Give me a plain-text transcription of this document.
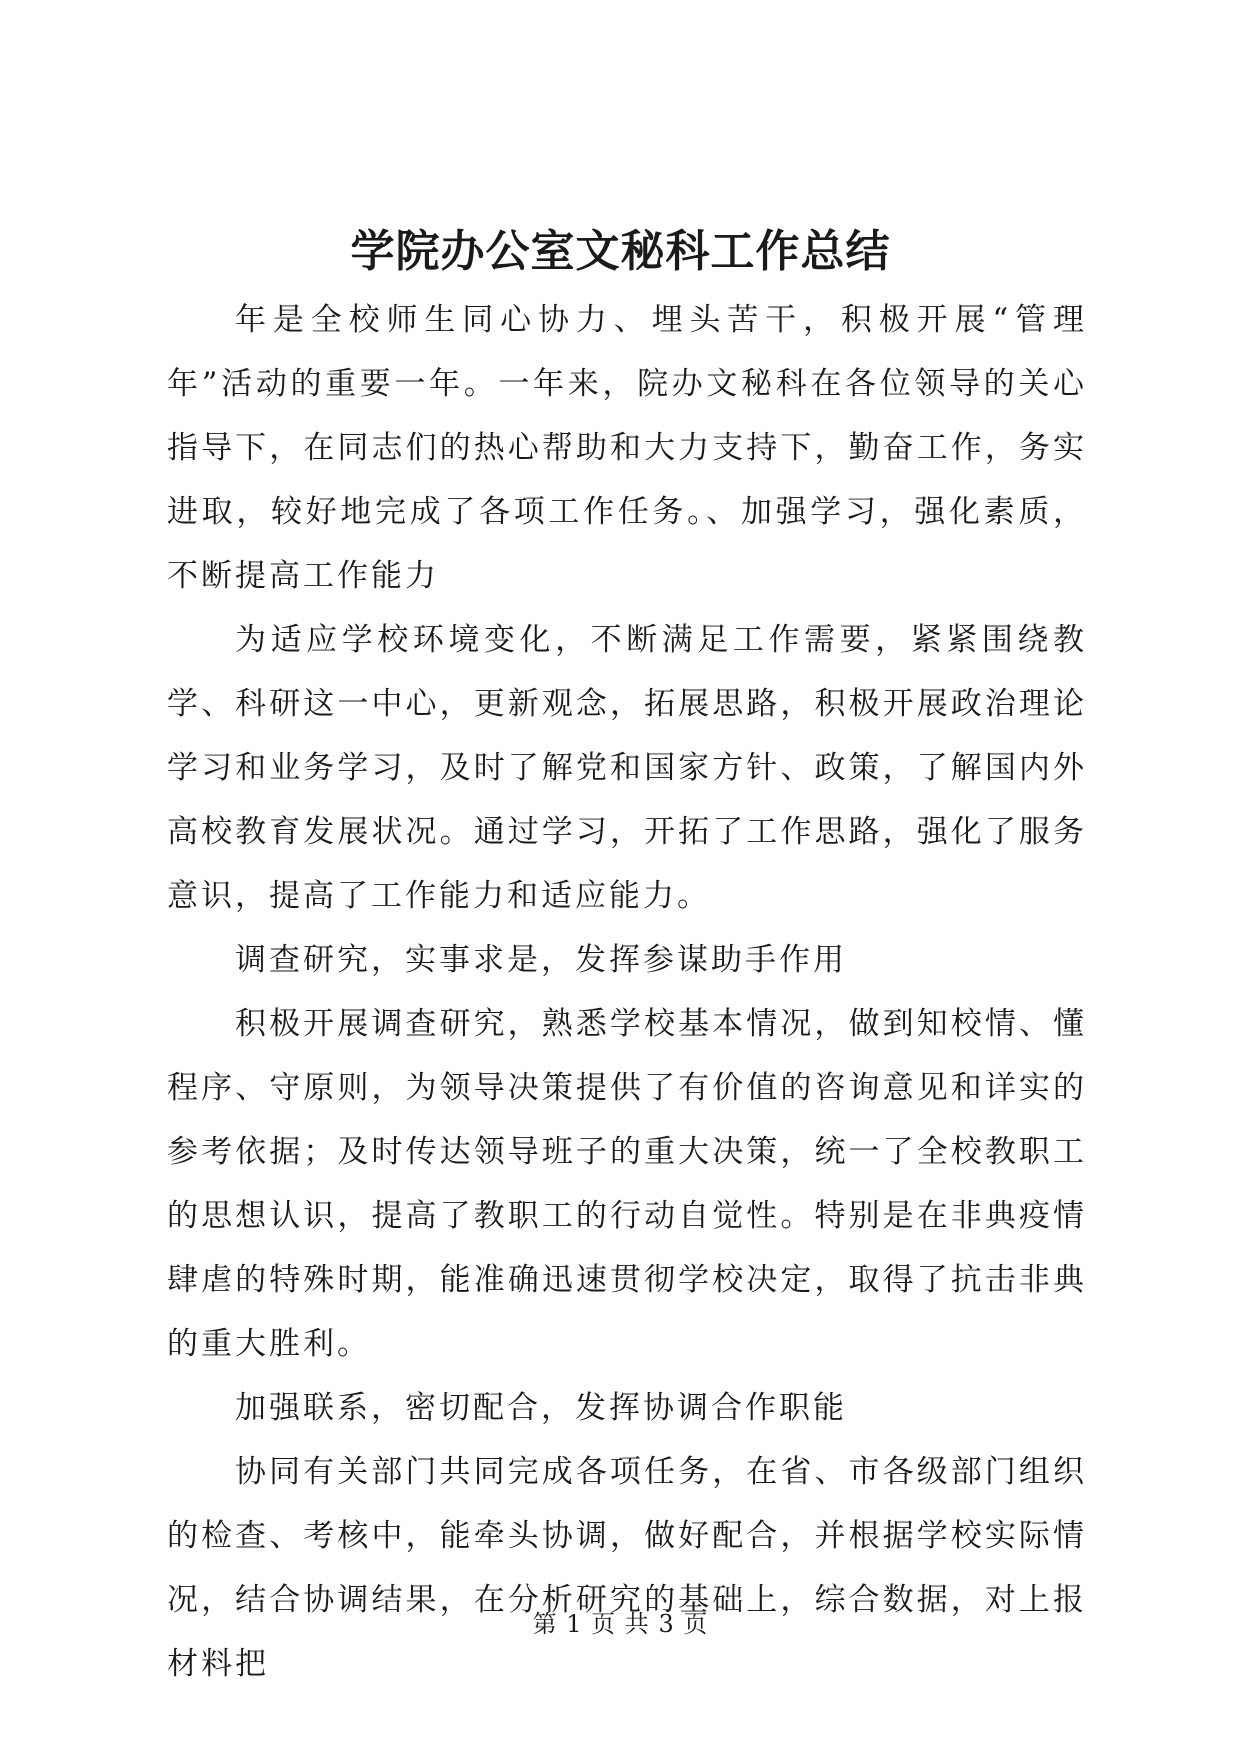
学院办公室文秘科工作总结

年是全校师生同心协力、埋头苦干，积极开展“管理年”活动的重要一年。一年来，院办文秘科在各位领导的关心指导下，在同志们的热心帮助和大力支持下，勤奋工作，务实进取，较好地完成了各项工作任务。、加强学习，强化素质，不断提高工作能力

为适应学校环境变化，不断满足工作需要，紧紧围绕教学、科研这一中心，更新观念，拓展思路，积极开展政治理论学习和业务学习，及时了解党和国家方针、政策，了解国内外高校教育发展状况。通过学习，开拓了工作思路，强化了服务意识，提高了工作能力和适应能力。

调查研究，实事求是，发挥参谋助手作用

积极开展调查研究，熟悉学校基本情况，做到知校情、懂程序、守原则，为领导决策提供了有价值的咨询意见和详实的参考依据；及时传达领导班子的重大决策，统一了全校教职工的思想认识，提高了教职工的行动自觉性。特别是在非典疫情肆虐的特殊时期，能准确迅速贯彻学校决定，取得了抗击非典的重大胜利。

加强联系，密切配合，发挥协调合作职能

协同有关部门共同完成各项任务，在省、市各级部门组织的检查、考核中，能牵头协调，做好配合，并根据学校实际情况，结合协调结果，在分析研究的基础上，综合数据，对上报材料把

第 1 页 共 3 页
